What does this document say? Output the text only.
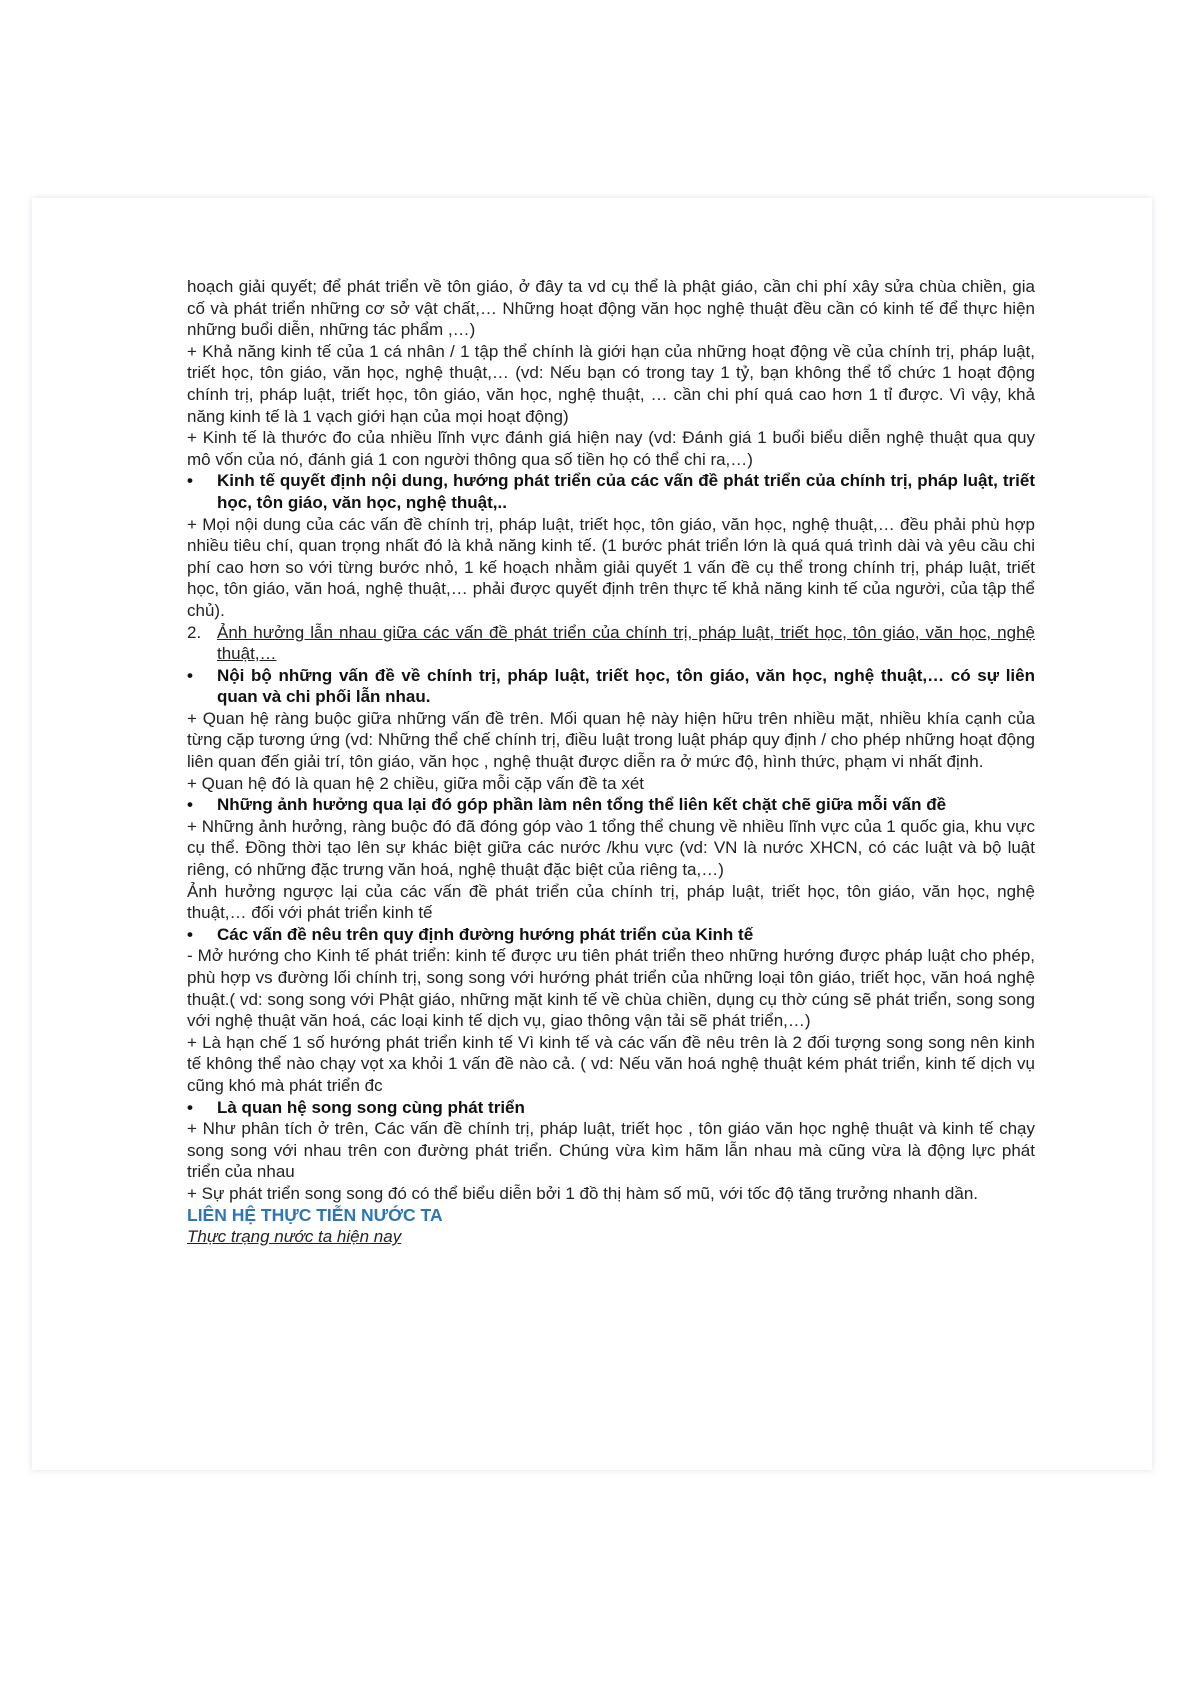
hoạch giải quyết; để phát triển về tôn giáo, ở đây ta vd cụ thể là phật giáo, cần chi phí xây sửa chùa chiền, gia cố và phát triển những cơ sở vật chất,… Những hoạt động văn học nghệ thuật đều cần có kinh tế để thực hiện những buổi diễn, những tác phẩm ,…)

+ Khả năng kinh tế của 1 cá nhân / 1 tập thể chính là giới hạn của những hoạt động về của chính trị, pháp luật, triết học, tôn giáo, văn học, nghệ thuật,… (vd: Nếu bạn có trong tay 1 tỷ, bạn không thể tổ chức 1 hoạt động chính trị, pháp luật, triết học, tôn giáo, văn học, nghệ thuật, … cần chi phí quá cao hơn 1 tỉ được. Vì vậy, khả năng kinh tế là 1 vạch giới hạn của mọi hoạt động)

+ Kinh tế là thước đo của nhiều lĩnh vực đánh giá hiện nay (vd: Đánh giá 1 buổi biểu diễn nghệ thuật qua quy mô vốn của nó, đánh giá 1 con người thông qua số tiền họ có thể chi ra,…)

•	Kinh tế quyết định nội dung, hướng phát triển của các vấn đề phát triển của chính trị, pháp luật, triết học, tôn giáo, văn học, nghệ thuật,..

+ Mọi nội dung của các vấn đề chính trị, pháp luật, triết học, tôn giáo, văn học, nghệ thuật,… đều phải phù hợp nhiều tiêu chí, quan trọng nhất đó là khả năng kinh tế. (1 bước phát triển lớn là quá quá trình dài và yêu cầu chi phí cao hơn so với từng bước nhỏ, 1 kế hoạch nhằm giải quyết 1 vấn đề cụ thể trong chính trị, pháp luật, triết học, tôn giáo, văn hoá, nghệ thuật,… phải được quyết định trên thực tế khả năng kinh tế của người, của tập thể chủ).

2. Ảnh hưởng lẫn nhau giữa các vấn đề phát triển của chính trị, pháp luật, triết học, tôn giáo, văn học, nghệ thuật,…

•	Nội bộ những vấn đề về chính trị, pháp luật, triết học, tôn giáo, văn học, nghệ thuật,… có sự liên quan và chi phối lẫn nhau.

+ Quan hệ ràng buộc giữa những vấn đề trên. Mối quan hệ này hiện hữu trên nhiều mặt, nhiều khía cạnh của từng cặp tương ứng (vd: Những thể chế chính trị, điều luật trong luật pháp quy định / cho phép những hoạt động liên quan đến giải trí, tôn giáo, văn học , nghệ thuật được diễn ra ở mức độ, hình thức, phạm vi nhất định.

+ Quan hệ đó là quan hệ 2 chiều, giữa mỗi cặp vấn đề ta xét

•	Những ảnh hưởng qua lại đó góp phần làm nên tổng thể liên kết chặt chẽ giữa mỗi vấn đề

+ Những ảnh hưởng, ràng buộc đó đã đóng góp vào 1 tổng thể chung về nhiều lĩnh vực của 1 quốc gia, khu vực cụ thể. Đồng thời tạo lên sự khác biệt giữa các nước /khu vực (vd: VN là nước XHCN, có các luật và bộ luật riêng, có những đặc trưng văn hoá, nghệ thuật đặc biệt của riêng ta,…)

Ảnh hưởng ngược lại của các vấn đề phát triển của chính trị, pháp luật, triết học, tôn giáo, văn học, nghệ thuật,… đối với phát triển kinh tế

•	Các vấn đề nêu trên quy định đường hướng phát triển của Kinh tế

- Mở hướng cho Kinh tế phát triển: kinh tế được ưu tiên phát triển theo những hướng được pháp luật cho phép, phù hợp vs đường lối chính trị, song song với hướng phát triển của những loại tôn giáo, triết học, văn hoá nghệ thuật.( vd: song song với Phật giáo, những mặt kinh tế về chùa chiền, dụng cụ thờ cúng sẽ phát triển, song song với nghệ thuật văn hoá, các loại kinh tế dịch vụ, giao thông vận tải sẽ phát triển,…)

+ Là hạn chế 1 số hướng phát triển kinh tế Vì kinh tế và các vấn đề nêu trên là 2 đối tượng song song nên kinh tế không thể nào chạy vọt xa khỏi 1 vấn đề nào cả. ( vd: Nếu văn hoá nghệ thuật kém phát triển, kinh tế dịch vụ cũng khó mà phát triển đc

•	Là quan hệ song song cùng phát triển

+ Như phân tích ở trên, Các vấn đề chính trị, pháp luật, triết học , tôn giáo văn học nghệ thuật và kinh tế chạy song song với nhau trên con đường phát triển. Chúng vừa kìm hãm lẫn nhau mà cũng vừa là động lực phát triển của nhau

+ Sự phát triển song song đó có thể biểu diễn bởi 1 đồ thị hàm số mũ, với tốc độ tăng trưởng nhanh dần.

LIÊN HỆ THỰC TIỄN NƯỚC TA

Thực trạng nước ta hiện nay
